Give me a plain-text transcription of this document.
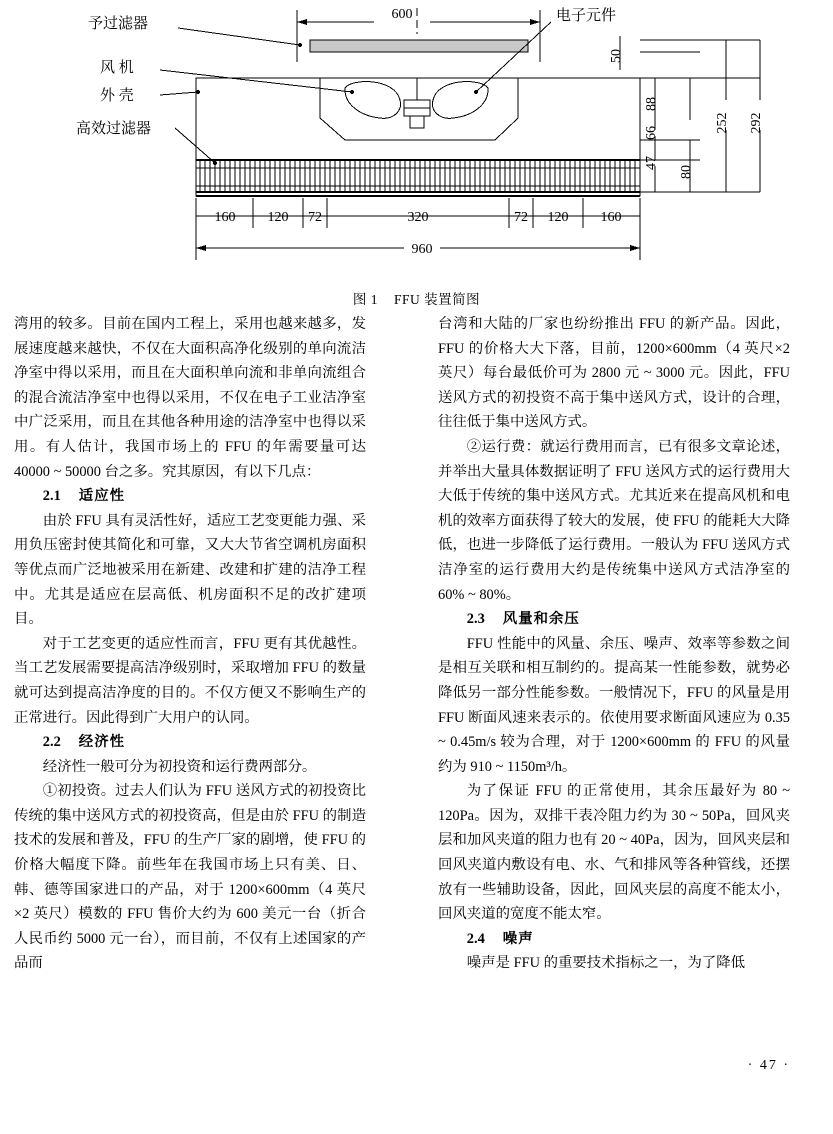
600
160 120 72	320	72 120 160
960
50
88
66
47
80
252 292
予过滤器
风 机
外 壳
高效过滤器
电子元件
图 1 FFU 装置简图

湾用的较多。目前在国内工程上，采用也越来越多，发展速度越来越快，不仅在大面积高净化级别的单向流洁净室中得以采用，而且在大面积单向流和非单向流组合的混合流洁净室中也得以采用，不仅在电子工业洁净室中广泛采用，而且在其他各种用途的洁净室中也得以采用。有人估计，我国市场上的 FFU 的年需要量可达 40000 ~ 50000 台之多。究其原因，有以下几点：

2.1 适应性

由於 FFU 具有灵活性好，适应工艺变更能力强、采用负压密封使其简化和可靠，又大大节省空调机房面积等优点而广泛地被采用在新建、改建和扩建的洁净工程中。尤其是适应在层高低、机房面积不足的改扩建项目。

对于工艺变更的适应性而言，FFU 更有其优越性。当工艺发展需要提高洁净级别时，采取增加 FFU 的数量就可达到提高洁净度的目的。不仅方便又不影响生产的正常进行。因此得到广大用户的认同。

2.2 经济性

经济性一般可分为初投资和运行费两部分。

①初投资。过去人们认为 FFU 送风方式的初投资比传统的集中送风方式的初投资高，但是由於 FFU 的制造技术的发展和普及，FFU 的生产厂家的剧增，使 FFU 的价格大幅度下降。前些年在我国市场上只有美、日、韩、德等国家进口的产品，对于 1200×600mm（4 英尺×2 英尺）模数的 FFU 售价大约为 600 美元一台（折合人民币约 5000 元一台），而目前，不仅有上述国家的产品而

台湾和大陆的厂家也纷纷推出 FFU 的新产品。因此，FFU 的价格大大下落，目前，1200×600mm（4 英尺×2 英尺）每台最低价可为 2800 元 ~ 3000 元。因此，FFU 送风方式的初投资不高于集中送风方式，设计的合理，往往低于集中送风方式。

②运行费：就运行费用而言，已有很多文章论述，并举出大量具体数据证明了 FFU 送风方式的运行费用大大低于传统的集中送风方式。尤其近来在提高风机和电机的效率方面获得了较大的发展，使 FFU 的能耗大大降低，也进一步降低了运行费用。一般认为 FFU 送风方式洁净室的运行费用大约是传统集中送风方式洁净室的 60% ~ 80%。

2.3 风量和余压

FFU 性能中的风量、余压、噪声、效率等参数之间是相互关联和相互制约的。提高某一性能参数，就势必降低另一部分性能参数。一般情况下，FFU 的风量是用 FFU 断面风速来表示的。依使用要求断面风速应为 0.35 ~ 0.45m/s 较为合理，对于 1200×600mm 的 FFU 的风量约为 910 ~ 1150m³/h。

为了保证 FFU 的正常使用，其余压最好为 80 ~ 120Pa。因为，双排干表冷阻力约为 30 ~ 50Pa，回风夹层和加风夹道的阻力也有 20 ~ 40Pa，因为，回风夹层和回风夹道内敷设有电、水、气和排风等各种管线，还摆放有一些辅助设备，因此，回风夹层的高度不能太小，回风夹道的宽度不能太窄。

2.4 噪声

噪声是 FFU 的重要技术指标之一，为了降低

· 47 ·
